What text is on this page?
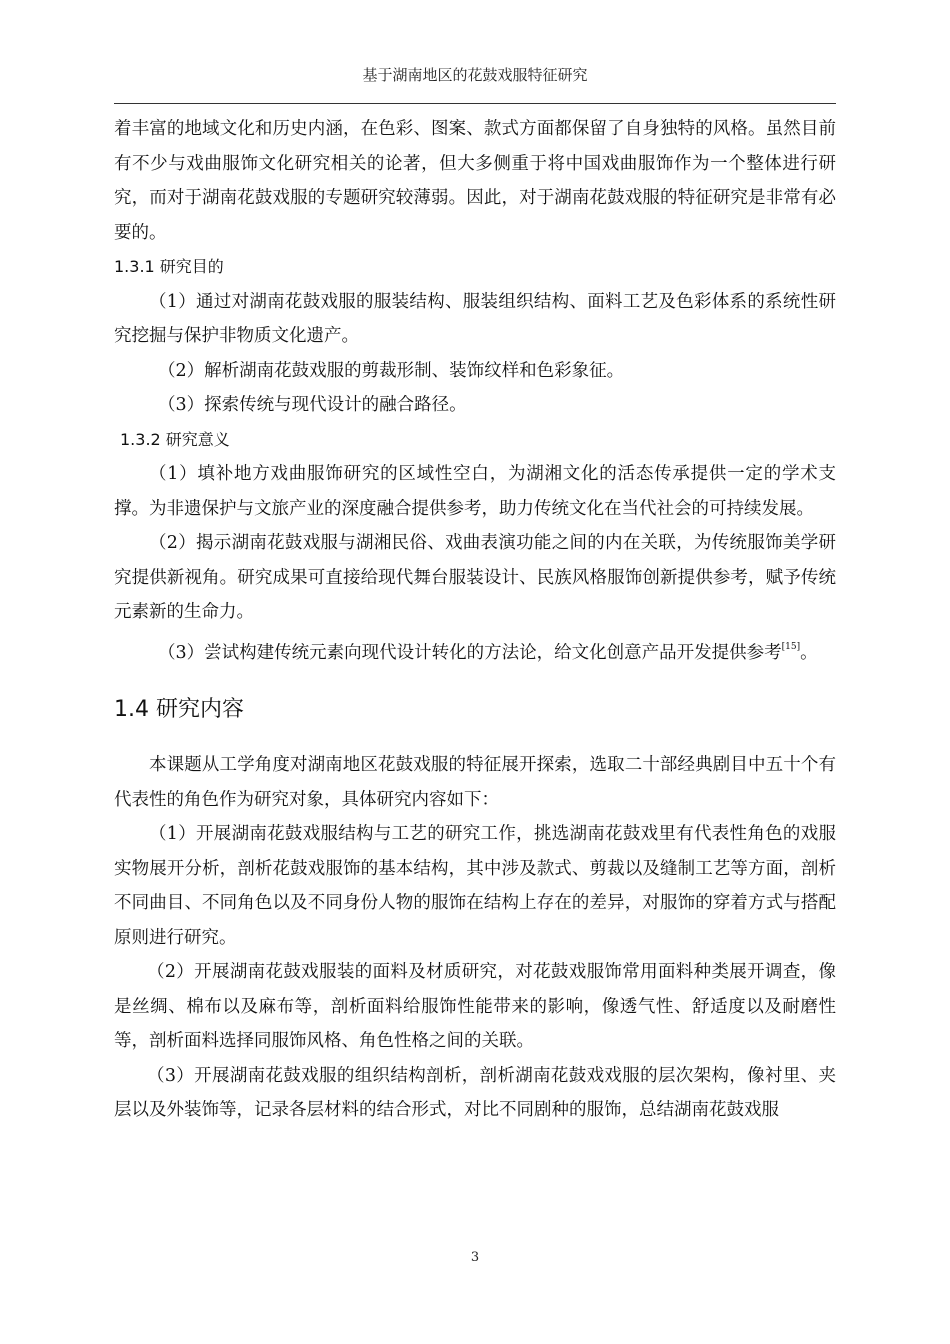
基于湖南地区的花鼓戏服特征研究

着丰富的地域文化和历史内涵，在色彩、图案、款式方面都保留了自身独特的风格。虽然目前有不少与戏曲服饰文化研究相关的论著，但大多侧重于将中国戏曲服饰作为一个整体进行研究，而对于湖南花鼓戏服的专题研究较薄弱。因此，对于湖南花鼓戏服的特征研究是非常有必要的。

1.3.1 研究目的

（1）通过对湖南花鼓戏服的服装结构、服装组织结构、面料工艺及色彩体系的系统性研究挖掘与保护非物质文化遗产。

（2）解析湖南花鼓戏服的剪裁形制、装饰纹样和色彩象征。

（3）探索传统与现代设计的融合路径。

1.3.2 研究意义

（1）填补地方戏曲服饰研究的区域性空白，为湖湘文化的活态传承提供一定的学术支撑。为非遗保护与文旅产业的深度融合提供参考，助力传统文化在当代社会的可持续发展。

（2）揭示湖南花鼓戏服与湖湘民俗、戏曲表演功能之间的内在关联，为传统服饰美学研究提供新视角。研究成果可直接给现代舞台服装设计、民族风格服饰创新提供参考，赋予传统元素新的生命力。

（3）尝试构建传统元素向现代设计转化的方法论，给文化创意产品开发提供参考[15]。

1.4 研究内容

本课题从工学角度对湖南地区花鼓戏服的特征展开探索，选取二十部经典剧目中五十个有代表性的角色作为研究对象，具体研究内容如下：

（1）开展湖南花鼓戏服结构与工艺的研究工作，挑选湖南花鼓戏里有代表性角色的戏服实物展开分析，剖析花鼓戏服饰的基本结构，其中涉及款式、剪裁以及缝制工艺等方面，剖析不同曲目、不同角色以及不同身份人物的服饰在结构上存在的差异，对服饰的穿着方式与搭配原则进行研究。

（2）开展湖南花鼓戏服装的面料及材质研究，对花鼓戏服饰常用面料种类展开调查，像是丝绸、棉布以及麻布等，剖析面料给服饰性能带来的影响，像透气性、舒适度以及耐磨性等，剖析面料选择同服饰风格、角色性格之间的关联。

（3）开展湖南花鼓戏服的组织结构剖析，剖析湖南花鼓戏戏服的层次架构，像衬里、夹层以及外装饰等，记录各层材料的结合形式，对比不同剧种的服饰，总结湖南花鼓戏服

3
